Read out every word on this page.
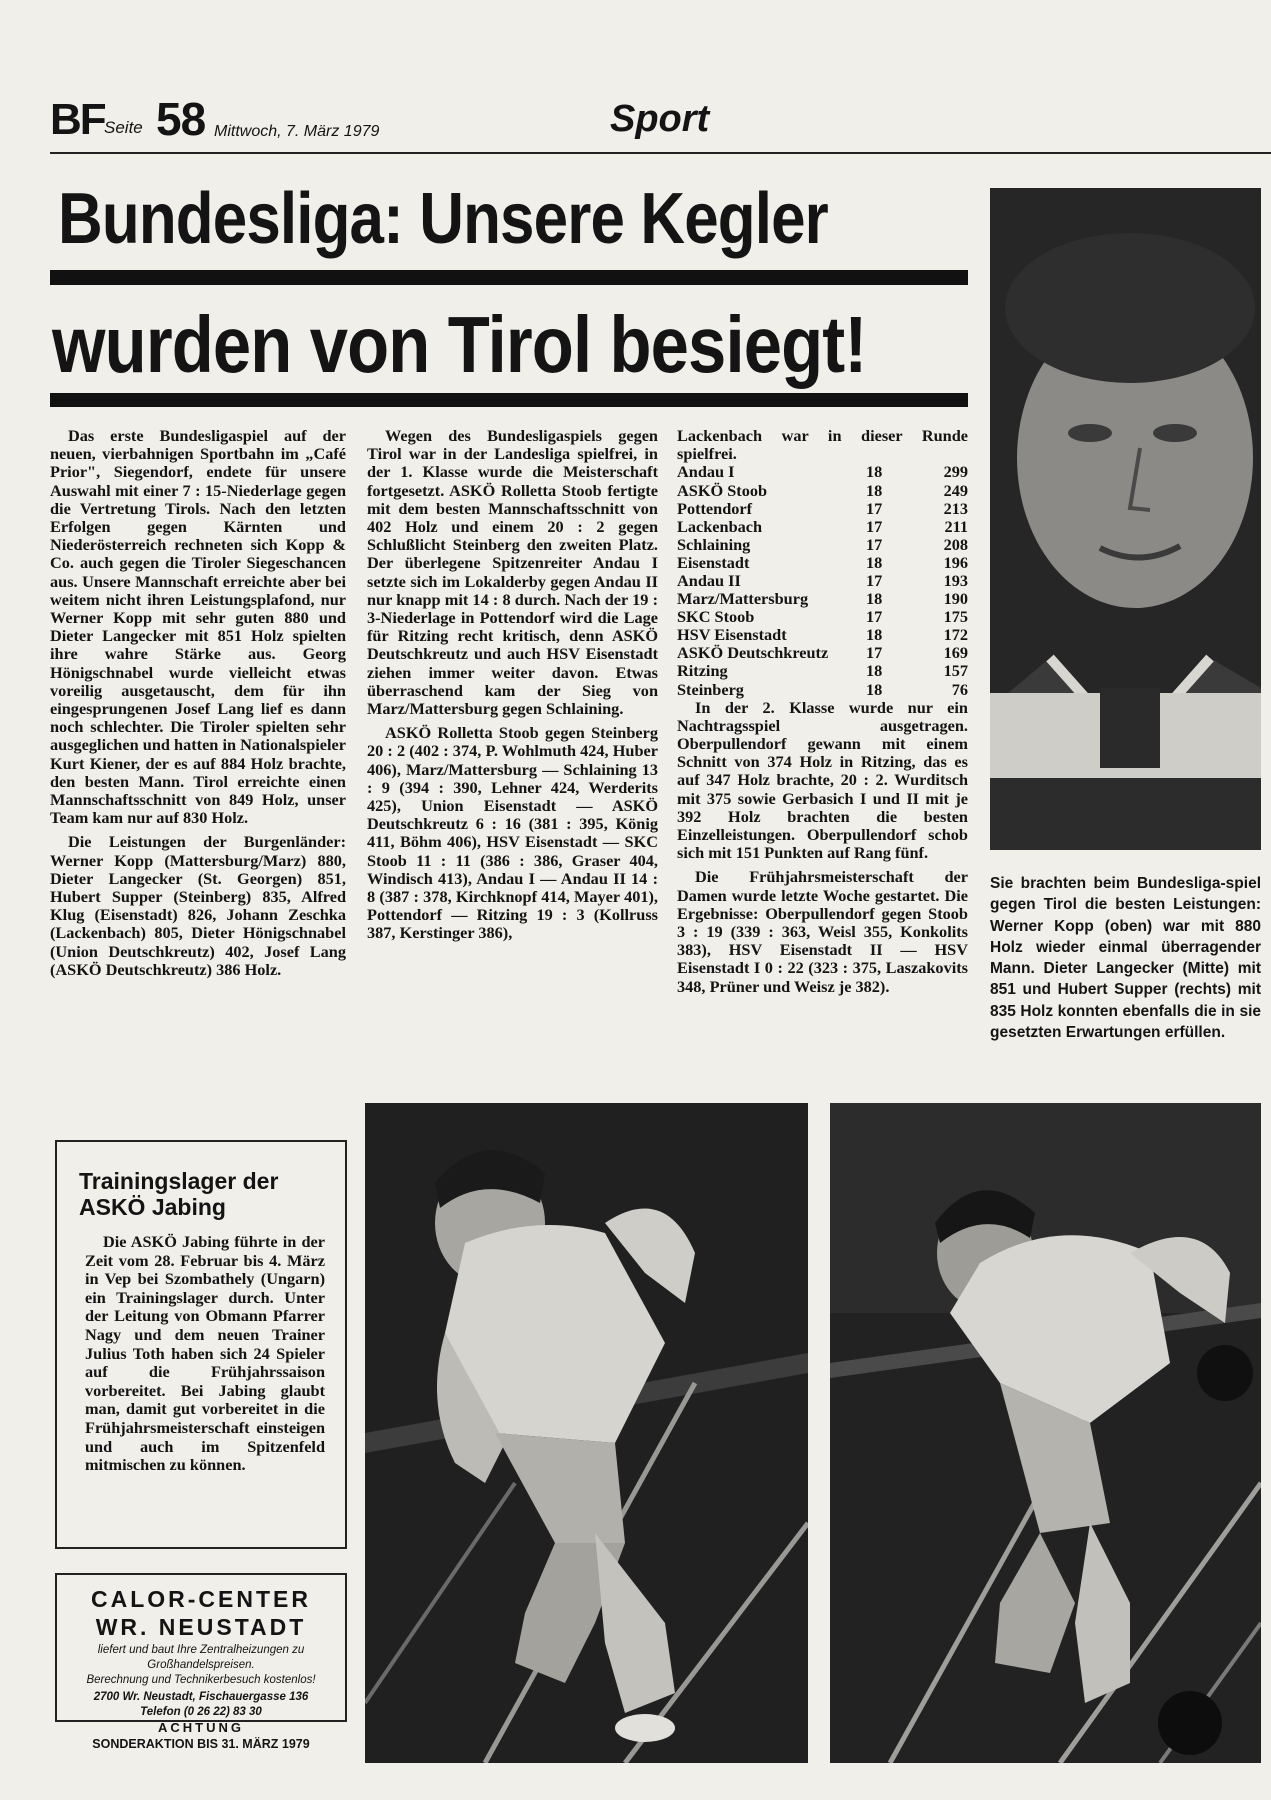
BF Seite 58 Mittwoch, 7. März 1979	Sport
Bundesliga: Unsere Kegler
wurden von Tirol besiegt!

Das erste Bundesligaspiel auf der neuen, vierbahnigen Sportbahn im „Café Prior", Siegendorf, endete für unsere Auswahl mit einer 7 : 15-Niederlage gegen die Vertretung Tirols. Nach den letzten Erfolgen gegen Kärnten und Niederösterreich rechneten sich Kopp & Co. auch gegen die Tiroler Siegeschancen aus. Unsere Mannschaft erreichte aber bei weitem nicht ihren Leistungsplafond, nur Werner Kopp mit sehr guten 880 und Dieter Langecker mit 851 Holz spielten ihre wahre Stärke aus. Georg Hönigschnabel wurde vielleicht etwas voreilig ausgetauscht, dem für ihn eingesprungenen Josef Lang lief es dann noch schlechter. Die Tiroler spielten sehr ausgeglichen und hatten in Nationalspieler Kurt Kiener, der es auf 884 Holz brachte, den besten Mann. Tirol erreichte einen Mannschaftsschnitt von 849 Holz, unser Team kam nur auf 830 Holz.

Die Leistungen der Burgenländer: Werner Kopp (Mattersburg/Marz) 880, Dieter Langecker (St. Georgen) 851, Hubert Supper (Steinberg) 835, Alfred Klug (Eisenstadt) 826, Johann Zeschka (Lackenbach) 805, Dieter Hönigschnabel (Union Deutschkreutz) 402, Josef Lang (ASKÖ Deutschkreutz) 386 Holz.

Wegen des Bundesligaspiels gegen Tirol war in der Landesliga spielfrei, in der 1. Klasse wurde die Meisterschaft fortgesetzt. ASKÖ Rolletta Stoob fertigte mit dem besten Mannschaftsschnitt von 402 Holz und einem 20 : 2 gegen Schlußlicht Steinberg den zweiten Platz. Der überlegene Spitzenreiter Andau I setzte sich im Lokalderby gegen Andau II nur knapp mit 14 : 8 durch. Nach der 19 : 3-Niederlage in Pottendorf wird die Lage für Ritzing recht kritisch, denn ASKÖ Deutschkreutz und auch HSV Eisenstadt ziehen immer weiter davon. Etwas überraschend kam der Sieg von Marz/Mattersburg gegen Schlaining.

ASKÖ Rolletta Stoob gegen Steinberg 20 : 2 (402 : 374, P. Wohlmuth 424, Huber 406), Marz/Mattersburg — Schlaining 13 : 9 (394 : 390, Lehner 424, Werderits 425), Union Eisenstadt — ASKÖ Deutschkreutz 6 : 16 (381 : 395, König 411, Böhm 406), HSV Eisenstadt — SKC Stoob 11 : 11 (386 : 386, Graser 404, Windisch 413), Andau I — Andau II 14 : 8 (387 : 378, Kirchknopf 414, Mayer 401), Pottendorf — Ritzing 19 : 3 (Kollruss 387, Kerstinger 386),

Lackenbach war in dieser Runde spielfrei.

Andau I	18	299
ASKÖ Stoob	18	249
Pottendorf	17	213
Lackenbach	17	211
Schlaining	17	208
Eisenstadt	18	196
Andau II	17	193
Marz/Mattersburg	18	190
SKC Stoob	17	175
HSV Eisenstadt	18	172
ASKÖ Deutschkreutz	17	169
Ritzing	18	157
Steinberg	18	76

In der 2. Klasse wurde nur ein Nachtragsspiel ausgetragen. Oberpullendorf gewann mit einem Schnitt von 374 Holz in Ritzing, das es auf 347 Holz brachte, 20 : 2. Wurditsch mit 375 sowie Gerbasich I und II mit je 392 Holz brachten die besten Einzelleistungen. Oberpullendorf schob sich mit 151 Punkten auf Rang fünf.

Die Frühjahrsmeisterschaft der Damen wurde letzte Woche gestartet. Die Ergebnisse: Oberpullendorf gegen Stoob 3 : 19 (339 : 363, Weisl 355, Konkolits 383), HSV Eisenstadt II — HSV Eisenstadt I 0 : 22 (323 : 375, Laszakovits 348, Prüner und Weisz je 382).

Sie brachten beim Bundesliga-spiel gegen Tirol die besten Leistungen: Werner Kopp (oben) war mit 880 Holz wieder einmal überragender Mann. Dieter Langecker (Mitte) mit 851 und Hubert Supper (rechts) mit 835 Holz konnten ebenfalls die in sie gesetzten Erwartungen erfüllen.
Trainingslager der
ASKÖ Jabing
Die ASKÖ Jabing führte in der Zeit vom 28. Februar bis 4. März in Vep bei Szombathely (Ungarn) ein Trainingslager durch. Unter der Leitung von Obmann Pfarrer Nagy und dem neuen Trainer Julius Toth haben sich 24 Spieler auf die Frühjahrssaison vorbereitet. Bei Jabing glaubt man, damit gut vorbereitet in die Frühjahrsmeisterschaft einsteigen und auch im Spitzenfeld mitmischen zu können.
CALOR-CENTER
WR. NEUSTADT
liefert und baut Ihre Zentralheizungen zu Großhandelspreisen.
Berechnung und Technikerbesuch kostenlos!
2700 Wr. Neustadt, Fischauergasse 136
Telefon (0 26 22) 83 30
ACHTUNG
SONDERAKTION BIS 31. MÄRZ 1979
